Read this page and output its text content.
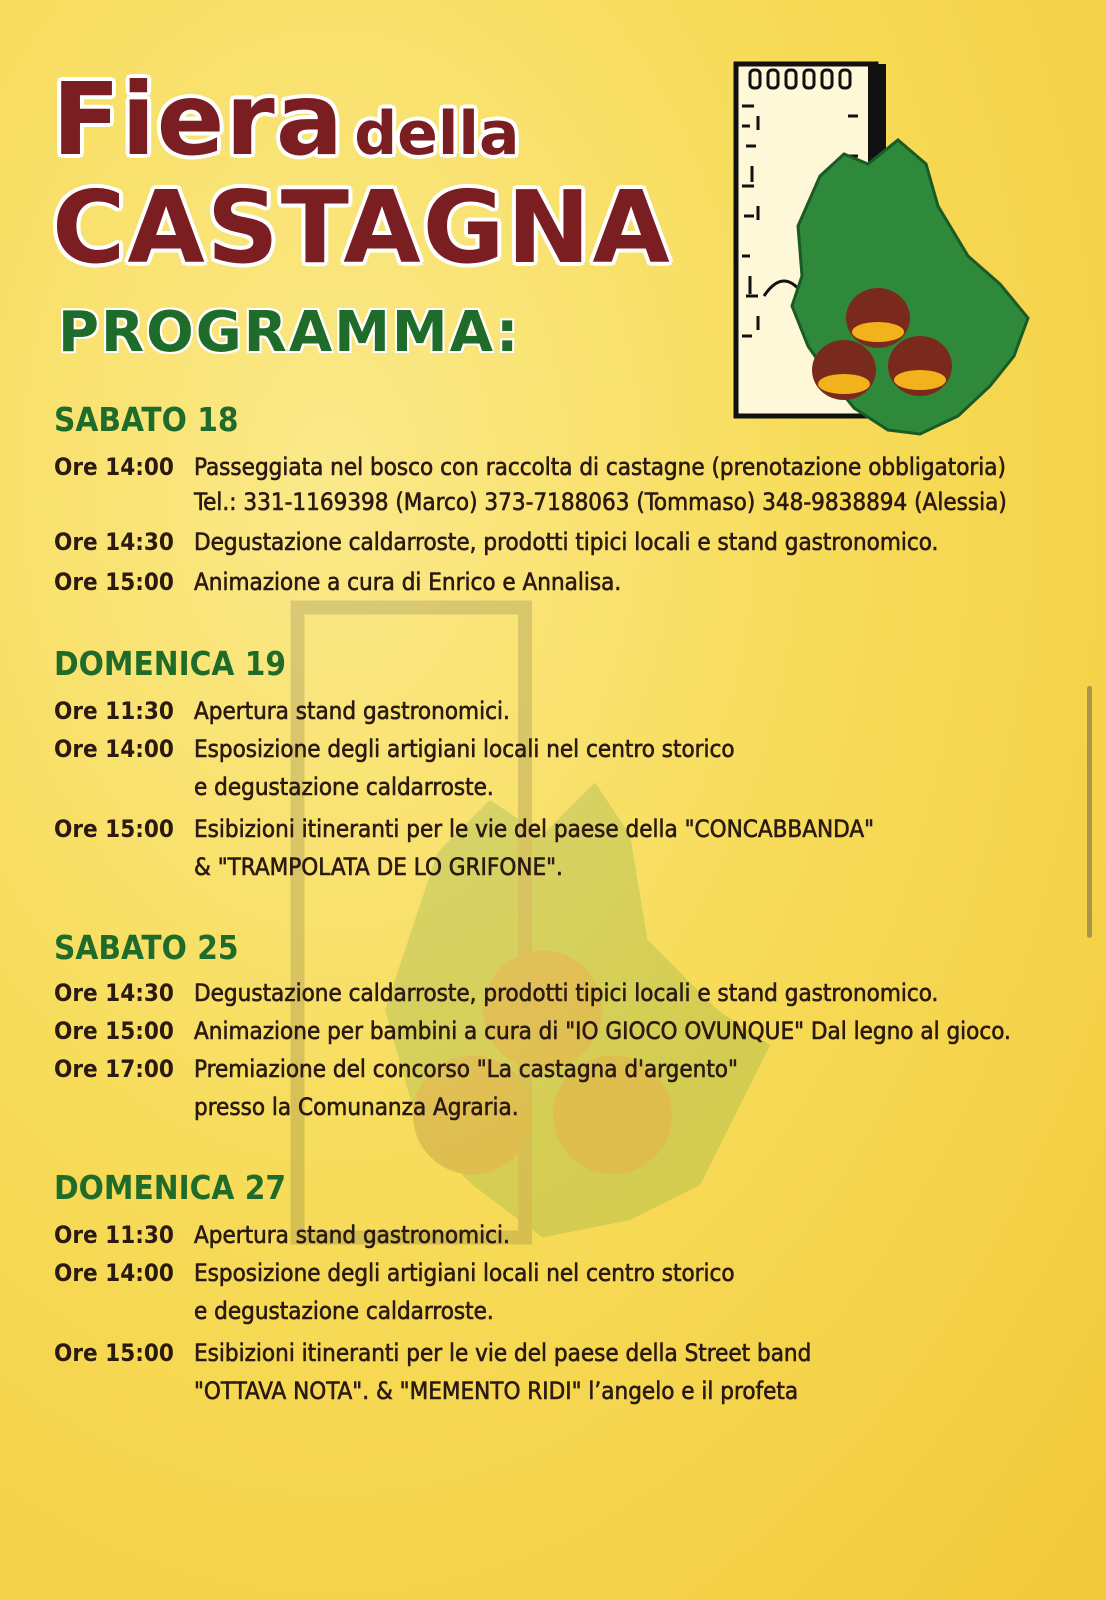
Fiera della
CASTAGNA
PROGRAMMA:
SABATO 18
Ore 14:00 Passeggiata nel bosco con raccolta di castagne (prenotazione obbligatoria)
Tel.: 331-1169398 (Marco) 373-7188063 (Tommaso) 348-9838894 (Alessia)
Ore 14:30 Degustazione caldarroste, prodotti tipici locali e stand gastronomico.
Ore 15:00 Animazione a cura di Enrico e Annalisa.
DOMENICA 19
Ore 11:30 Apertura stand gastronomici.
Ore 14:00 Esposizione degli artigiani locali nel centro storico
e degustazione caldarroste.
Ore 15:00 Esibizioni itineranti per le vie del paese della "CONCABBANDA"
& "TRAMPOLATA DE LO GRIFONE".
SABATO 25
Ore 14:30 Degustazione caldarroste, prodotti tipici locali e stand gastronomico.
Ore 15:00 Animazione per bambini a cura di "IO GIOCO OVUNQUE" Dal legno al gioco.
Ore 17:00 Premiazione del concorso "La castagna d'argento"
presso la Comunanza Agraria.
DOMENICA 27
Ore 11:30 Apertura stand gastronomici.
Ore 14:00 Esposizione degli artigiani locali nel centro storico
e degustazione caldarroste.
Ore 15:00 Esibizioni itineranti per le vie del paese della Street band
"OTTAVA NOTA". & "MEMENTO RIDI" l’angelo e il profeta
